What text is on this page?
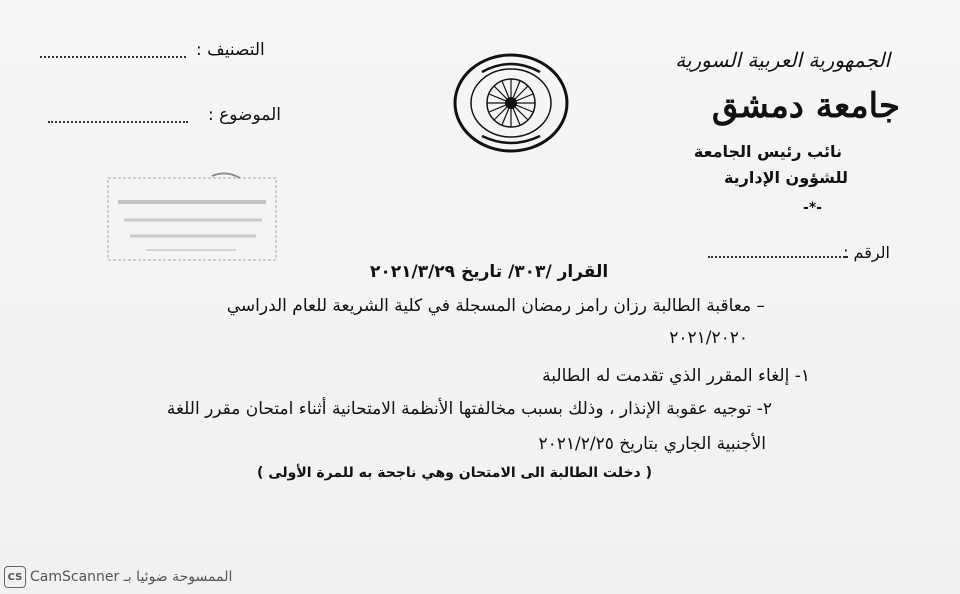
الجمهورية العربية السورية
جامعة دمشق
نائب رئيس الجامعة
للشؤون الإدارية
-*-
الرقم :
التصنيف :
الموضوع :
القرار /٣٠٣/ تاريخ ٢٠٢١/٣/٢٩
– معاقبة الطالبة رزان رامز رمضان المسجلة في كلية الشريعة للعام الدراسي
٢٠٢١/٢٠٢٠
١- إلغاء المقرر الذي تقدمت له الطالبة
٢- توجيه عقوبة الإنذار ، وذلك بسبب مخالفتها الأنظمة الامتحانية أثناء امتحان مقرر اللغة
الأجنبية الجاري بتاريخ ٢٠٢١/٢/٢٥
( دخلت الطالبة الى الامتحان وهي ناجحة به للمرة الأولى )
CS CamScanner الممسوحة ضوئيا بـ
